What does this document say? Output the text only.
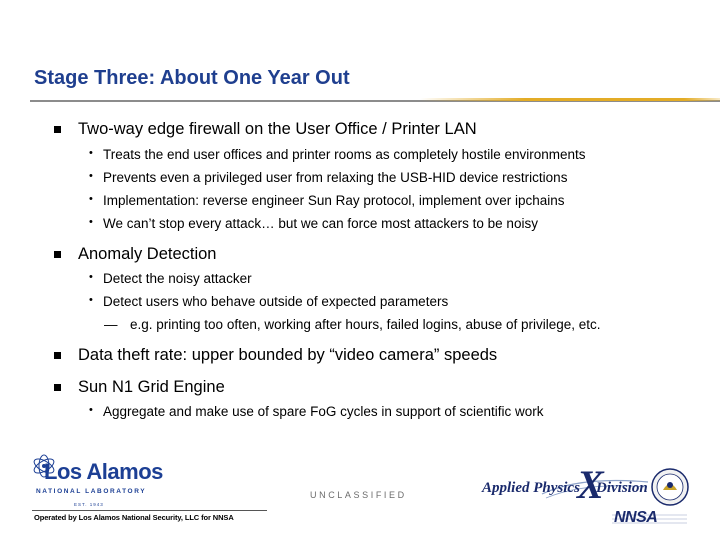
Stage Three: About One Year Out
Two-way edge firewall on the User Office / Printer LAN
• Treats the end user offices and printer rooms as completely hostile environments
• Prevents even a privileged user from relaxing the USB-HID device restrictions
• Implementation: reverse engineer Sun Ray protocol, implement over ipchains
• We can’t stop every attack… but we can force most attackers to be noisy
Anomaly Detection
• Detect the noisy attacker
• Detect users who behave outside of expected parameters
— e.g. printing too often, working after hours, failed logins, abuse of privilege, etc.
Data theft rate: upper bounded by “video camera” speeds
Sun N1 Grid Engine
• Aggregate and make use of spare FoG cycles in support of scientific work
Los Alamos
NATIONAL LABORATORY
EST. 1943
Operated by Los Alamos National Security, LLC for NNSA
UNCLASSIFIED	Applied Physics
X
Division
NNSA
